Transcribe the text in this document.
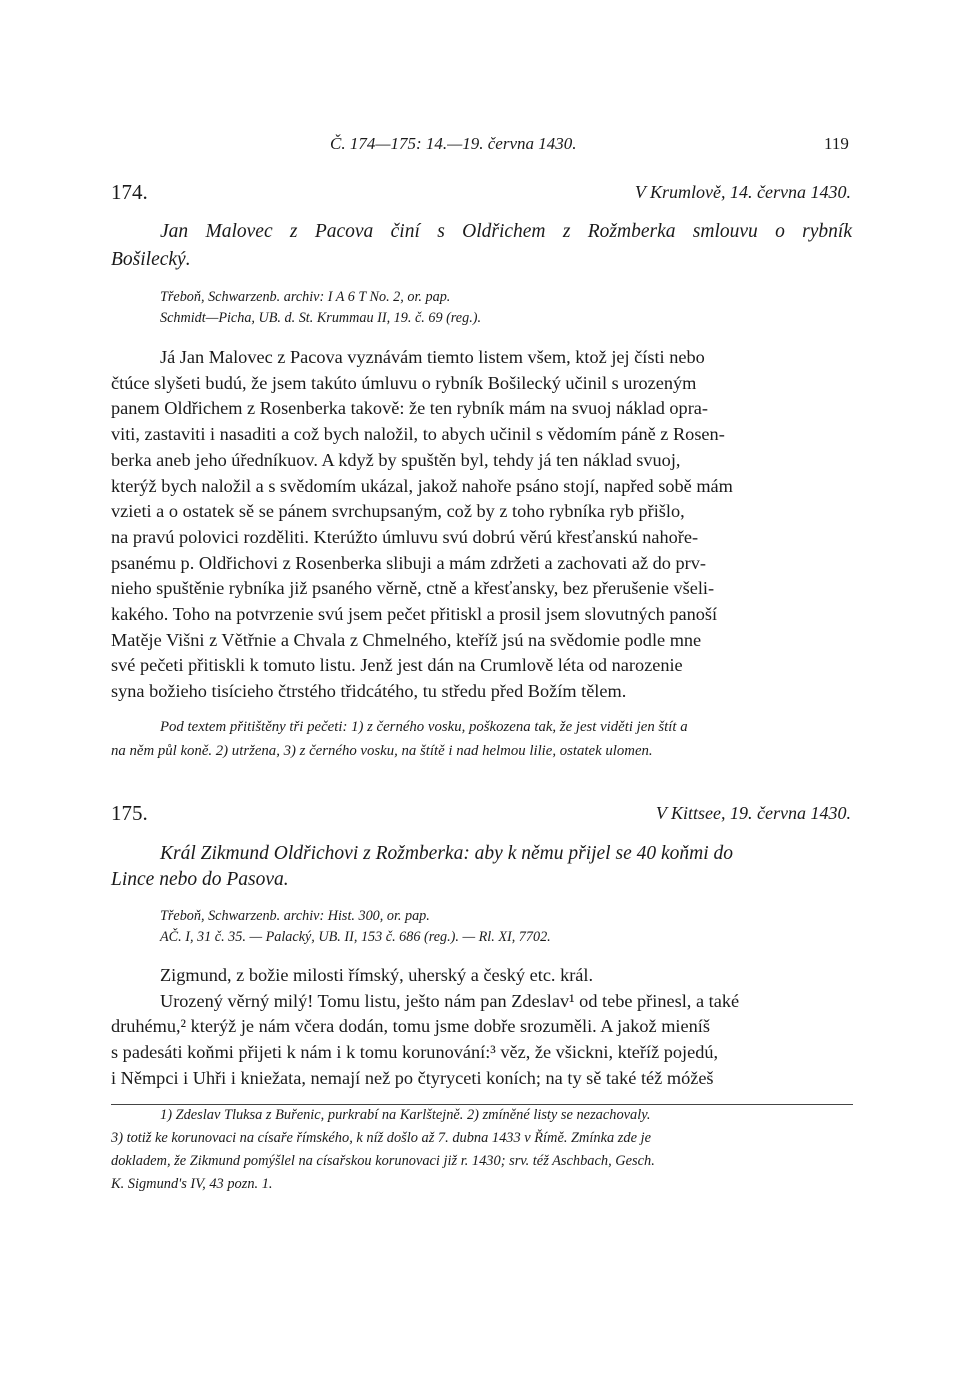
Č. 174—175: 14.—19. června 1430.	119
174.	V Krumlově, 14. června 1430.
Jan Malovec z Pacova činí s Oldřichem z Rožmberka smlouvu o rybník
Bošilecký.
Třeboň, Schwarzenb. archiv: I A 6 T No. 2, or. pap.
Schmidt—Picha, UB. d. St. Krummau II, 19. č. 69 (reg.).
Já Jan Malovec z Pacova vyznávám tiemto listem všem, ktož jej čísti nebo
čtúce slyšeti budú, že jsem takúto úmluvu o rybník Bošilecký učinil s urozeným
panem Oldřichem z Rosenberka takově: že ten rybník mám na svuoj náklad opra-
viti, zastaviti i nasaditi a což bych naložil, to abych učinil s vědomím páně z Rosen-
berka aneb jeho úředníkuov. A když by spuštěn byl, tehdy já ten náklad svuoj,
kterýž bych naložil a s svědomím ukázal, jakož nahoře psáno stojí, napřed sobě mám
vzieti a o ostatek sě se pánem svrchupsaným, což by z toho rybníka ryb přišlo,
na pravú polovici rozděliti. Kterúžto úmluvu svú dobrú věrú křesťanskú nahoře-
psanému p. Oldřichovi z Rosenberka slibuji a mám zdržeti a zachovati až do prv-
nieho spuštěnie rybníka již psaného věrně, ctně a křesťansky, bez přerušenie všeli-
kakého. Toho na potvrzenie svú jsem pečet přitiskl a prosil jsem slovutných panoší
Matěje Višni z Větřnie a Chvala z Chmelného, kteříž jsú na svědomie podle mne
své pečeti přitiskli k tomuto listu. Jenž jest dán na Crumlově léta od narozenie
syna božieho tisícieho čtrstého třidcátého, tu středu před Božím tělem.
Pod textem přitištěny tři pečeti: 1) z černého vosku, poškozena tak, že jest viděti jen štít a
na něm půl koně. 2) utržena, 3) z černého vosku, na štítě i nad helmou lilie, ostatek ulomen.
175.	V Kittsee, 19. června 1430.
Král Zikmund Oldřichovi z Rožmberka: aby k němu přijel se 40 koňmi do
Lince nebo do Pasova.
Třeboň, Schwarzenb. archiv: Hist. 300, or. pap.
AČ. I, 31 č. 35. — Palacký, UB. II, 153 č. 686 (reg.). — Rl. XI, 7702.
Zigmund, z božie milosti římský, uherský a český etc. král.
Urozený věrný milý! Tomu listu, ješto nám pan Zdeslav¹ od tebe přinesl, a také
druhému,² kterýž je nám včera dodán, tomu jsme dobře srozuměli. A jakož mieníš
s padesáti koňmi přijeti k nám i k tomu korunování:³ věz, že všickni, kteříž pojedú,
i Němpci i Uhři i kniežata, nemají než po čtyryceti koních; na ty sě také též móžeš
1) Zdeslav Tluksa z Buřenic, purkrabí na Karlštejně. 2) zmíněné listy se nezachovaly.
3) totiž ke korunovaci na císaře římského, k níž došlo až 7. dubna 1433 v Římě. Zmínka zde je
dokladem, že Zikmund pomýšlel na císařskou korunovaci již r. 1430; srv. též Aschbach, Gesch.
K. Sigmund's IV, 43 pozn. 1.
